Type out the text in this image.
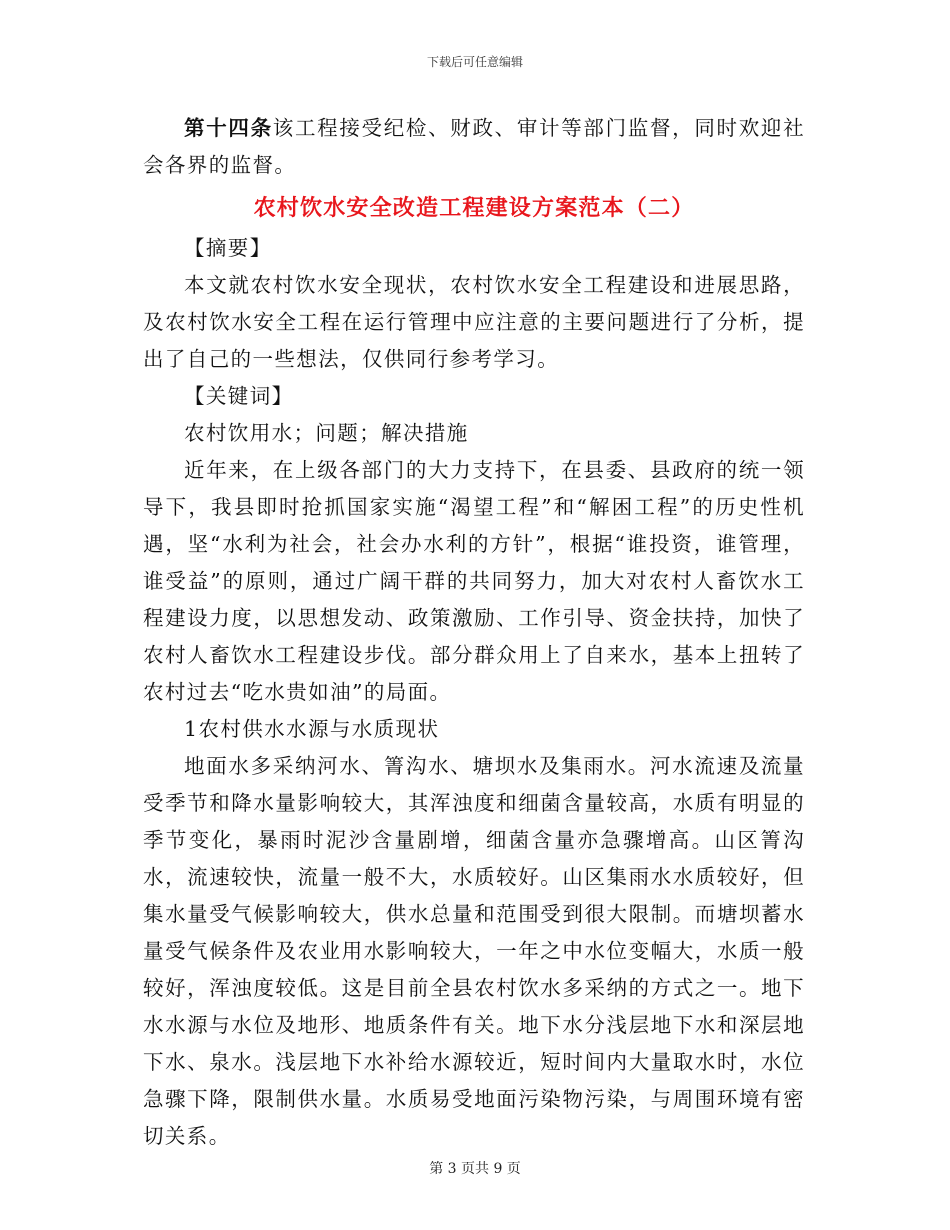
下载后可任意编辑

第十四条该工程接受纪检、财政、审计等部门监督，同时欢迎社会各界的监督。

农村饮水安全改造工程建设方案范本（二）

【摘要】

本文就农村饮水安全现状，农村饮水安全工程建设和进展思路，及农村饮水安全工程在运行管理中应注意的主要问题进行了分析，提出了自己的一些想法，仅供同行参考学习。

【关键词】

农村饮用水；问题；解决措施

近年来，在上级各部门的大力支持下，在县委、县政府的统一领导下，我县即时抢抓国家实施“渴望工程”和“解困工程”的历史性机遇，坚“水利为社会，社会办水利的方针”，根据“谁投资，谁管理，谁受益”的原则，通过广阔干群的共同努力，加大对农村人畜饮水工程建设力度，以思想发动、政策激励、工作引导、资金扶持，加快了农村人畜饮水工程建设步伐。部分群众用上了自来水，基本上扭转了农村过去“吃水贵如油”的局面。

1农村供水水源与水质现状

地面水多采纳河水、箐沟水、塘坝水及集雨水。河水流速及流量受季节和降水量影响较大，其浑浊度和细菌含量较高，水质有明显的季节变化，暴雨时泥沙含量剧增，细菌含量亦急骤增高。山区箐沟水，流速较快，流量一般不大，水质较好。山区集雨水水质较好，但集水量受气候影响较大，供水总量和范围受到很大限制。而塘坝蓄水量受气候条件及农业用水影响较大，一年之中水位变幅大，水质一般较好，浑浊度较低。这是目前全县农村饮水多采纳的方式之一。地下水水源与水位及地形、地质条件有关。地下水分浅层地下水和深层地下水、泉水。浅层地下水补给水源较近，短时间内大量取水时，水位急骤下降，限制供水量。水质易受地面污染物污染，与周围环境有密切关系。

第 3 页共 9 页
